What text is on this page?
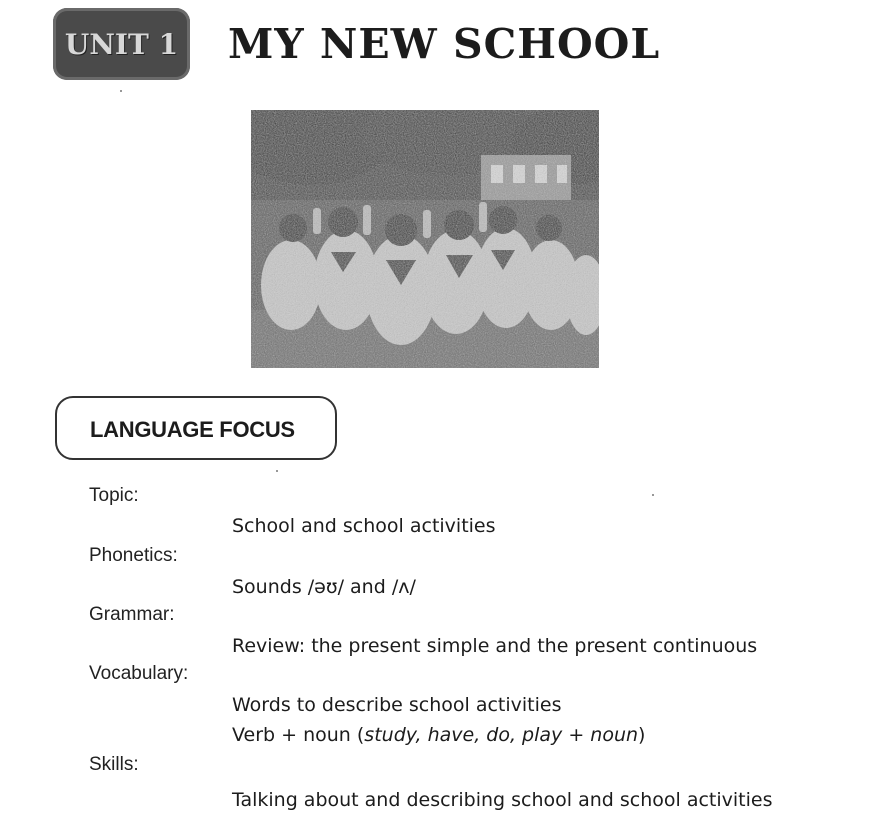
UNIT 1 MY NEW SCHOOL
LANGUAGE FOCUS
Topic:
School and school activities
Phonetics:
Sounds /əʊ/ and /ʌ/
Grammar:
Review: the present simple and the present continuous
Vocabulary:
Words to describe school activities
Verb + noun (study, have, do, play + noun)
Skills:
Talking about and describing school and school activities
